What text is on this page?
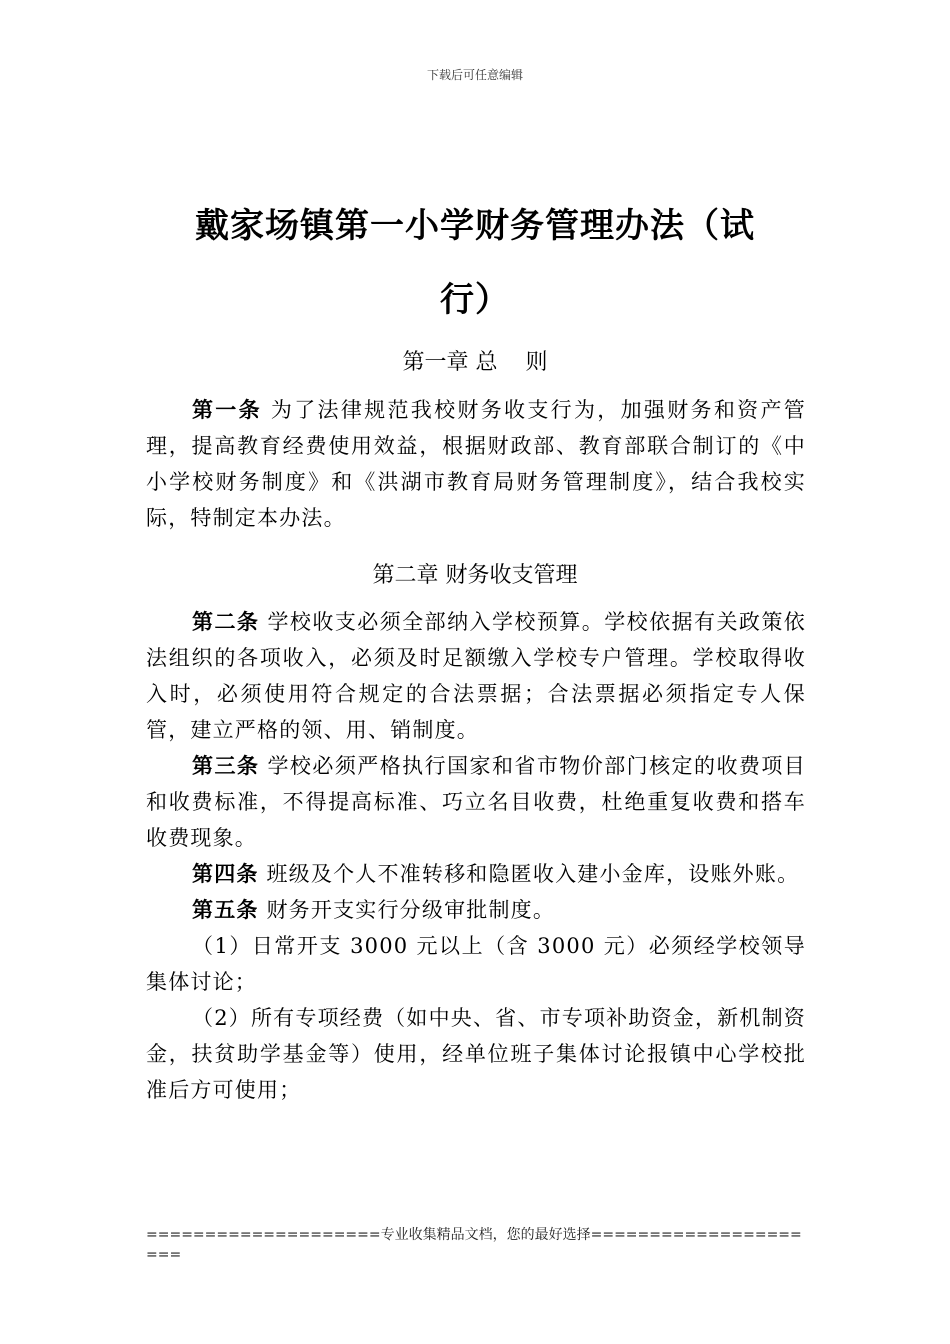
下载后可任意编辑
戴家场镇第一小学财务管理办法（试
行）
第一章 总    则

第一条 为了法律规范我校财务收支行为，加强财务和资产管理，提高教育经费使用效益，根据财政部、教育部联合制订的《中小学校财务制度》和《洪湖市教育局财务管理制度》，结合我校实际，特制定本办法。

第二章 财务收支管理

第二条 学校收支必须全部纳入学校预算。学校依据有关政策依法组织的各项收入，必须及时足额缴入学校专户管理。学校取得收入时，必须使用符合规定的合法票据；合法票据必须指定专人保管，建立严格的领、用、销制度。

第三条 学校必须严格执行国家和省市物价部门核定的收费项目和收费标准，不得提高标准、巧立名目收费，杜绝重复收费和搭车收费现象。

第四条 班级及个人不准转移和隐匿收入建小金库，设账外账。

第五条 财务开支实行分级审批制度。

（1）日常开支 3000 元以上（含 3000 元）必须经学校领导集体讨论；

（2）所有专项经费（如中央、省、市专项补助资金，新机制资金，扶贫助学基金等）使用，经单位班子集体讨论报镇中心学校批准后方可使用；

====================专业收集精品文档，您的最好选择=====================
